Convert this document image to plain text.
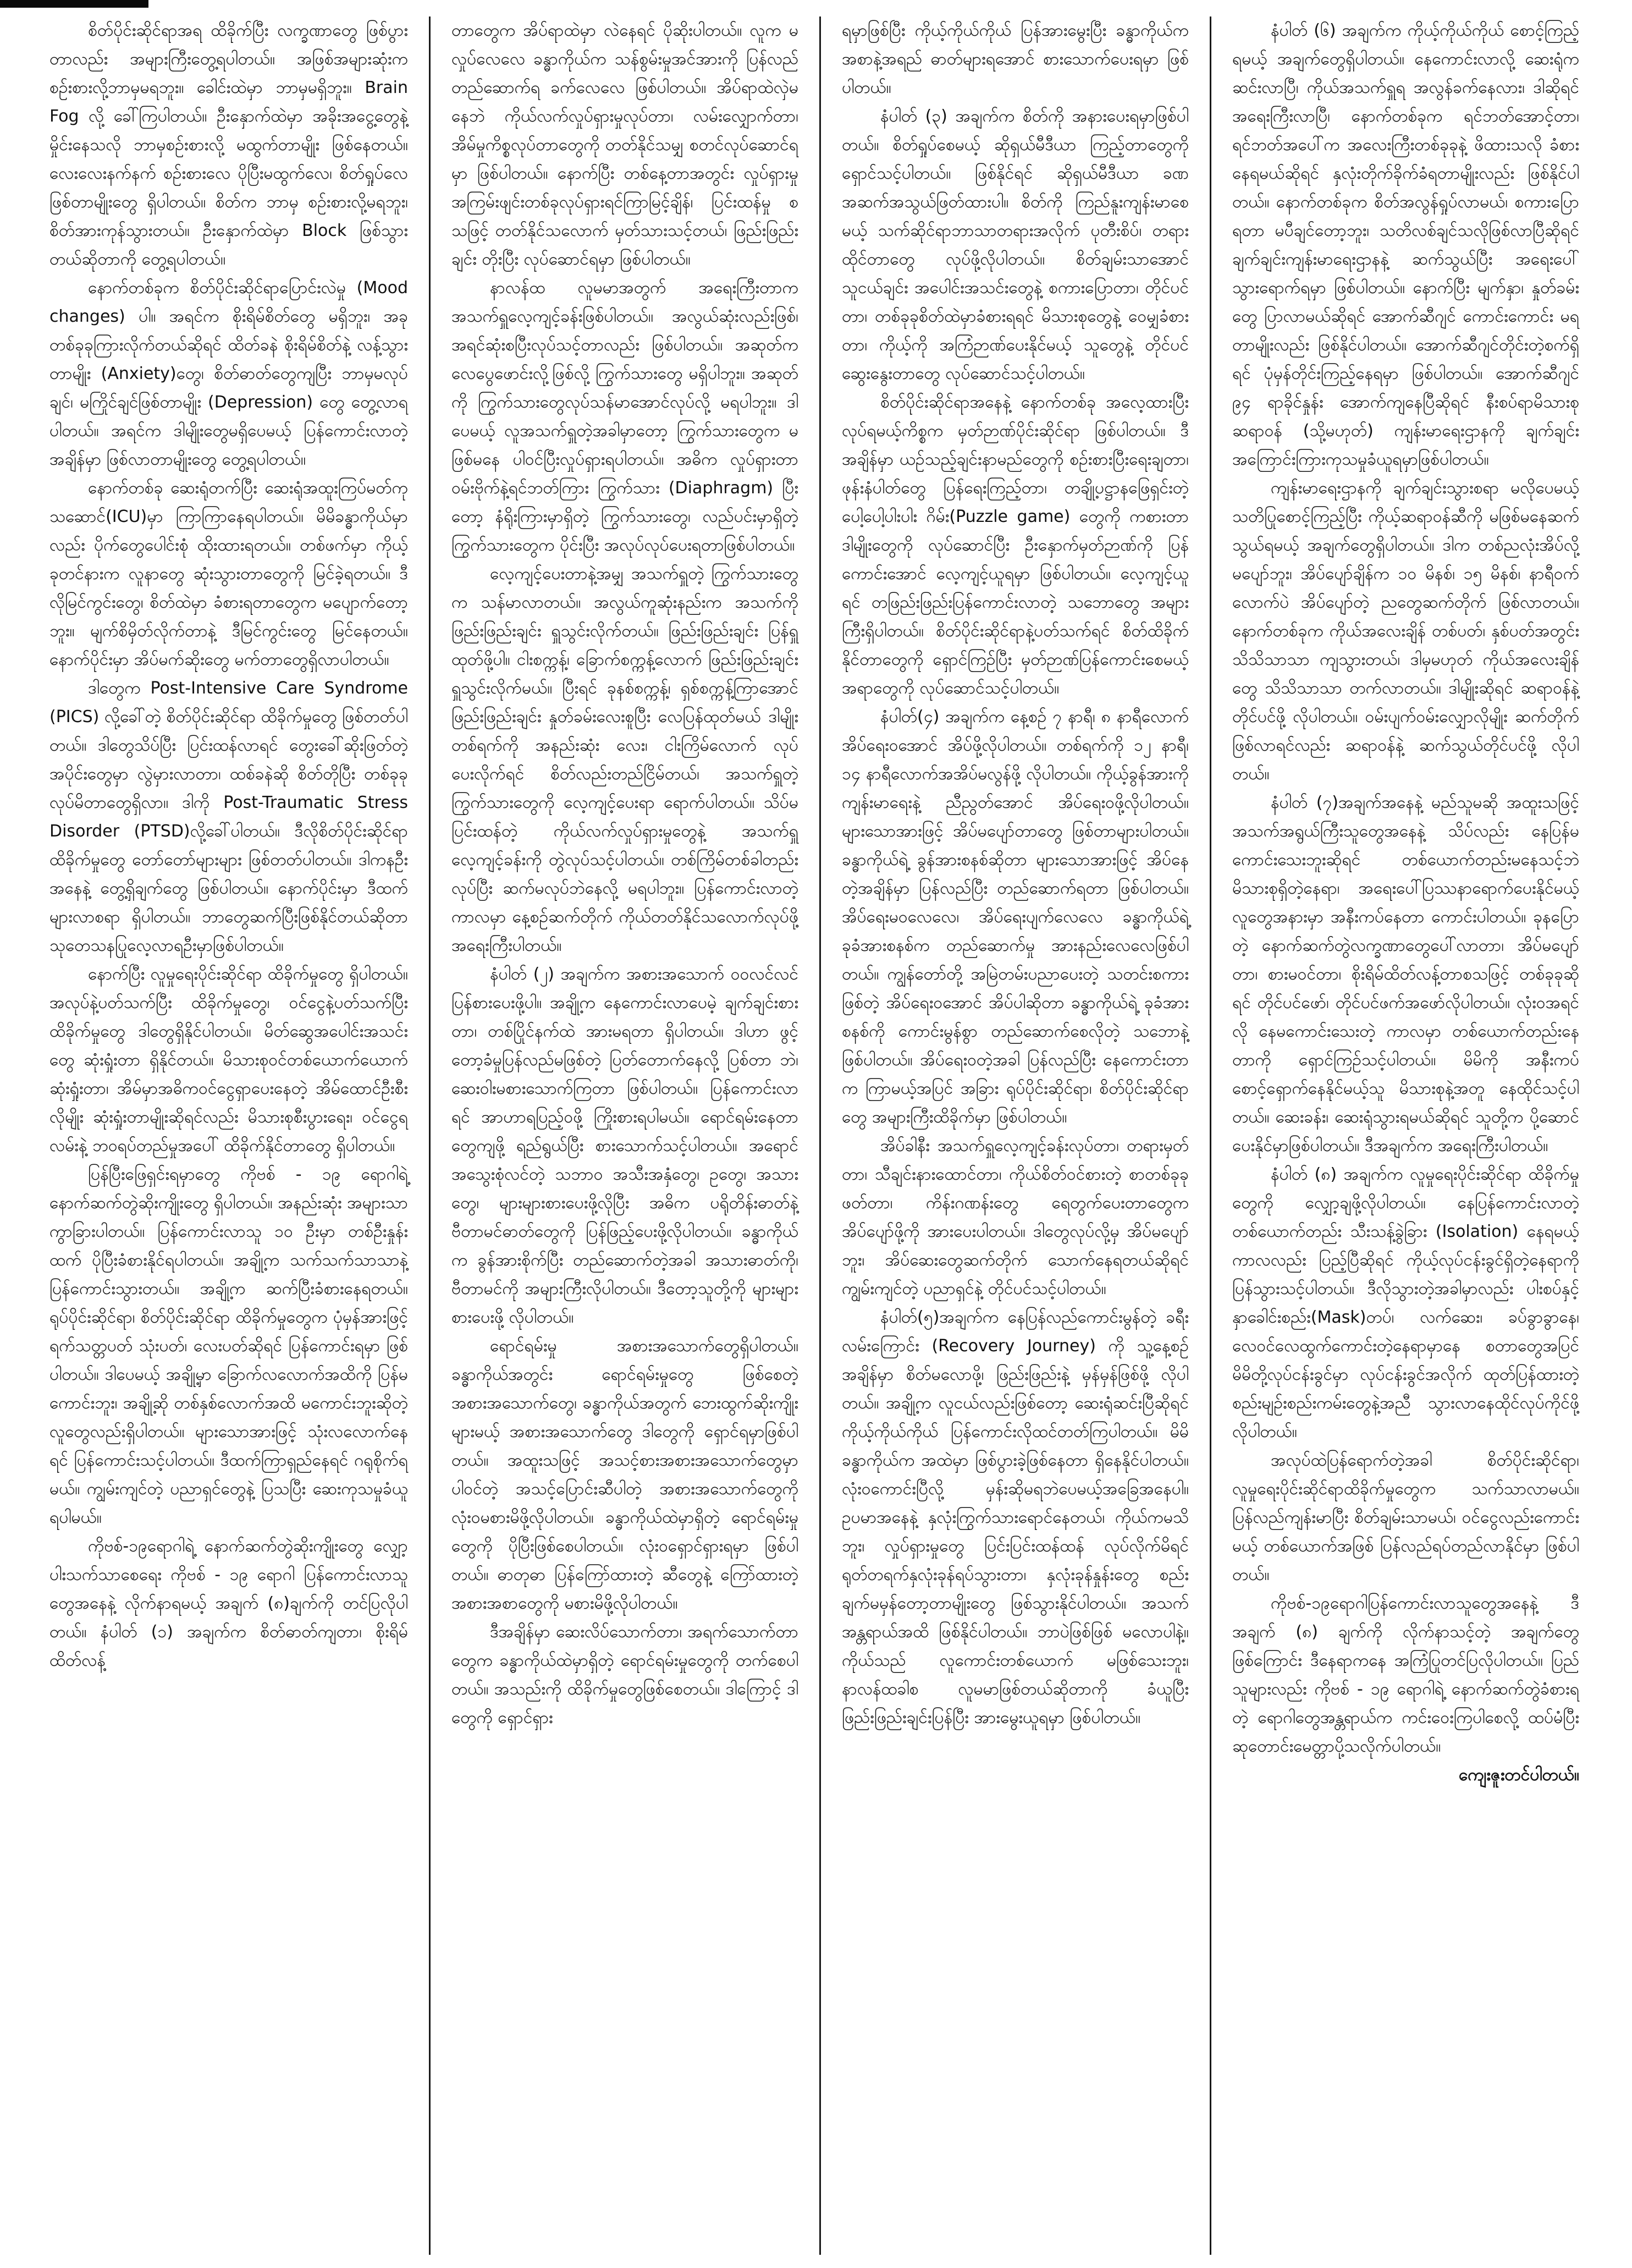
စိတ်ပိုင်းဆိုင်ရာအရ ထိခိုက်ပြီး လက္ခဏာတွေ ဖြစ်ပွားတာလည်း အများကြီးတွေ့ရပါတယ်။ အဖြစ်အများဆုံးက စဉ်းစားလို့ဘာမှမရဘူး။ ခေါင်းထဲမှာ ဘာမှမရှိဘူး။ Brain Fog လို့ ခေါ်ကြပါတယ်။ ဦးနှောက်ထဲမှာ အခိုးအငွေ့တွေနဲ့ မှိုင်းနေသလို ဘာမှစဉ်းစားလို့ မထွက်တာမျိုး ဖြစ်နေတယ်။ လေးလေးနက်နက် စဉ်းစားလေ ပိုပြီးမထွက်လေ၊ စိတ်ရှုပ်လေဖြစ်တာမျိုးတွေ ရှိပါတယ်။ စိတ်က ဘာမှ စဉ်းစားလို့မရဘူး၊ စိတ်အားကုန်သွားတယ်။ ဦးနှောက်ထဲမှာ Block ဖြစ်သွားတယ်ဆိုတာကို တွေ့ရပါတယ်။

နောက်တစ်ခုက စိတ်ပိုင်းဆိုင်ရာပြောင်းလဲမှု (Mood changes) ပါ။ အရင်က စိုးရိမ်စိတ်တွေ မရှိဘူး၊ အခု တစ်ခုခုကြားလိုက်တယ်ဆိုရင် ထိတ်ခနဲ စိုးရိမ်စိတ်နဲ့ လန့်သွားတာမျိုး (Anxiety)တွေ၊ စိတ်ဓာတ်တွေကျပြီး ဘာမှမလုပ်ချင်၊ မကြိုင်ချင်ဖြစ်တာမျိုး (Depression) တွေ တွေ့လာရပါတယ်။ အရင်က ဒါမျိုးတွေမရှိပေမယ့် ပြန်ကောင်းလာတဲ့ အချိန်မှာ ဖြစ်လာတာမျိုးတွေ တွေ့ရပါတယ်။

နောက်တစ်ခု ဆေးရုံတက်ပြီး ဆေးရုံအထူးကြပ်မတ်ကုသဆောင်(ICU)မှာ ကြာကြာနေရပါတယ်။ မိမိခန္ဓာကိုယ်မှာလည်း ပိုက်တွေပေါင်းစုံ ထိုးထားရတယ်။ တစ်ဖက်မှာ ကိုယ့်ခုတင်နားက လူနာတွေ ဆုံးသွားတာတွေကို မြင်ခဲ့ရတယ်။ ဒီလိုမြင်ကွင်းတွေ၊ စိတ်ထဲမှာ ခံစားရတာတွေက မပျောက်တော့ဘူး။ မျက်စိမှိတ်လိုက်တာနဲ့ ဒီမြင်ကွင်းတွေ မြင်နေတယ်။ နောက်ပိုင်းမှာ အိပ်မက်ဆိုးတွေ မက်တာတွေရှိလာပါတယ်။

ဒါတွေက Post-Intensive Care Syndrome (PICS) လို့ခေါ်တဲ့ စိတ်ပိုင်းဆိုင်ရာ ထိခိုက်မှုတွေ ဖြစ်တတ်ပါတယ်။ ဒါတွေသိပ်ပြီး ပြင်းထန်လာရင် တွေးခေါ်ဆိုးဖြတ်တဲ့အပိုင်းတွေမှာ လွဲမှားလာတာ၊ ထစ်ခနဲဆို စိတ်တိုပြီး တစ်ခုခုလုပ်မိတာတွေရှိလာ။ ဒါကို Post-Traumatic Stress Disorder (PTSD)လို့ခေါ်ပါတယ်။ ဒီလိုစိတ်ပိုင်းဆိုင်ရာထိခိုက်မှုတွေ တော်တော်များများ ဖြစ်တတ်ပါတယ်။ ဒါကနဦးအနေနဲ့ တွေ့ရှိချက်တွေ ဖြစ်ပါတယ်။ နောက်ပိုင်းမှာ ဒီထက်များလာစရာ ရှိပါတယ်။ ဘာတွေဆက်ပြီးဖြစ်နိုင်တယ်ဆိုတာ သုတေသနပြုလေ့လာရဦးမှာဖြစ်ပါတယ်။

နောက်ပြီး လူမှုရေးပိုင်းဆိုင်ရာ ထိခိုက်မှုတွေ ရှိပါတယ်။ အလုပ်နဲ့ပတ်သက်ပြီး ထိခိုက်မှုတွေ၊ ဝင်ငွေနဲ့ပတ်သက်ပြီး ထိခိုက်မှုတွေ ဒါတွေရှိနိုင်ပါတယ်။ မိတ်ဆွေအပေါင်းအသင်းတွေ ဆုံးရှုံးတာ ရှိနိုင်တယ်။ မိသားစုဝင်တစ်ယောက်ယောက် ဆုံးရှုံးတာ၊ အိမ်မှာအဓိကဝင်ငွေရှာပေးနေတဲ့ အိမ်ထောင်ဦးစီးလိုမျိုး ဆုံးရှုံးတာမျိုးဆိုရင်လည်း မိသားစုစီးပွားရေး၊ ဝင်ငွေရလမ်းနဲ့ ဘဝရပ်တည်မှုအပေါ် ထိခိုက်နိုင်တာတွေ ရှိပါတယ်။

ပြန်ပြီးဖြေရှင်းရမှာတွေ ကိုဗစ် - ၁၉ ရောဂါရဲ့ နောက်ဆက်တွဲဆိုးကျိုးတွေ ရှိပါတယ်။ အနည်းဆုံး အများသာ ကွာခြားပါတယ်။ ပြန်ကောင်းလာသူ ၁၀ ဦးမှာ တစ်ဦးနှုန်းထက် ပိုပြီးခံစားနိုင်ရပါတယ်။ အချို့က သက်သက်သာသာနဲ့ ပြန်ကောင်းသွားတယ်။ အချို့က ဆက်ပြီးခံစားနေရတယ်။ ရုပ်ပိုင်းဆိုင်ရာ၊ စိတ်ပိုင်းဆိုင်ရာ ထိခိုက်မှုတွေက ပုံမှန်အားဖြင့် ရက်သတ္တပတ် သုံးပတ်၊ လေးပတ်ဆိုရင် ပြန်ကောင်းရမှာ ဖြစ်ပါတယ်။ ဒါပေမယ့် အချို့မှာ ခြောက်လလောက်အထိကို ပြန်မကောင်းဘူး၊ အချို့ဆို တစ်နှစ်လောက်အထိ မကောင်းဘူးဆိုတဲ့ လူတွေလည်းရှိပါတယ်။ များသောအားဖြင့် သုံးလလောက်နေရင် ပြန်ကောင်းသင့်ပါတယ်။ ဒီထက်ကြာရှည်နေရင် ဂရုစိုက်ရမယ်။ ကျွမ်းကျင်တဲ့ ပညာရှင်တွေနဲ့ ပြသပြီး ဆေးကုသမှုခံယူရပါမယ်။

ကိုဗစ်-၁၉ရောဂါရဲ့ နောက်ဆက်တွဲဆိုးကျိုးတွေ လျှော့ပါးသက်သာစေရေး ကိုဗစ် - ၁၉ ရောဂါ ပြန်ကောင်းလာသူတွေအနေနဲ့ လိုက်နာရမယ့် အချက် (၈)ချက်ကို တင်ပြလိုပါတယ်။ နံပါတ် (၁) အချက်က စိတ်ဓာတ်ကျတာ၊ စိုးရိမ်ထိတ်လန့်

တာတွေက အိပ်ရာထဲမှာ လဲနေရင် ပိုဆိုးပါတယ်။ လူက မလှုပ်လေလေ ခန္ဓာကိုယ်က သန်စွမ်းမှုအင်အားကို ပြန်လည်တည်ဆောက်ရ ခက်လေလေ ဖြစ်ပါတယ်။ အိပ်ရာထဲလှဲမနေဘဲ ကိုယ်လက်လှုပ်ရှားမှုလုပ်တာ၊ လမ်းလျှောက်တာ၊ အိမ်မှုကိစ္စလုပ်တာတွေကို တတ်နိုင်သမျှ စတင်လုပ်ဆောင်ရမှာ ဖြစ်ပါတယ်။ နောက်ပြီး တစ်နေ့တာအတွင်း လှုပ်ရှားမှုအကြမ်းဖျင်းတစ်ခုလုပ်ရှားရင်ကြာမြင့်ချိန်၊ ပြင်းထန်မှု စသဖြင့် တတ်နိုင်သလောက် မှတ်သားသင့်တယ်၊ ဖြည်းဖြည်းချင်း တိုးပြီး လုပ်ဆောင်ရမှာ ဖြစ်ပါတယ်။

နာလန်ထ လူမမာအတွက် အရေးကြီးတာက အသက်ရှူလေ့ကျင့်ခန်းဖြစ်ပါတယ်။ အလွယ်ဆုံးလည်းဖြစ်၊ အရင်ဆုံးစပြီးလုပ်သင့်တာလည်း ဖြစ်ပါတယ်။ အဆုတ်က လေပွေဖောင်းလို့ဖြစ်လို့ ကြွက်သားတွေ မရှိပါဘူး။ အဆုတ်ကို ကြွက်သားတွေလုပ်သန်မာအောင်လုပ်လို့ မရပါဘူး။ ဒါပေမယ့် လူအသက်ရှူတဲ့အခါမှာတော့ ကြွက်သားတွေက မဖြစ်မနေ ပါဝင်ပြီးလှုပ်ရှားရပါတယ်။ အဓိက လှုပ်ရှားတာ ဝမ်းဗိုက်နဲ့ရင်ဘတ်ကြား ကြွက်သား (Diaphragm) ပြီးတော့ နံရိုးကြားမှာရှိတဲ့ ကြွက်သားတွေ၊ လည်ပင်းမှာရှိတဲ့ ကြွက်သားတွေက ပိုင်းပြီး အလုပ်လုပ်ပေးရတာဖြစ်ပါတယ်။

လေ့ကျင့်ပေးတာနဲ့အမျှ အသက်ရှူတဲ့ ကြွက်သားတွေက သန်မာလာတယ်။ အလွယ်ကူဆုံးနည်းက အသက်ကို ဖြည်းဖြည်းချင်း ရှူသွင်းလိုက်တယ်။ ဖြည်းဖြည်းချင်း ပြန်ရှူထုတ်ဖို့ပါ။ ငါးစက္ကန့်၊ ခြောက်စက္ကန့်လောက် ဖြည်းဖြည်းချင်း ရှူသွင်းလိုက်မယ်။ ပြီးရင် ခုနစ်စက္ကန့်၊ ရှစ်စက္ကန့်ကြာအောင် ဖြည်းဖြည်းချင်း နှုတ်ခမ်းလေးစူပြီး လေပြန်ထုတ်မယ် ဒါမျိုးတစ်ရက်ကို အနည်းဆုံး လေး၊ ငါးကြိမ်လောက် လုပ်ပေးလိုက်ရင် စိတ်လည်းတည်ငြိမ်တယ်၊ အသက်ရှူတဲ့ ကြွက်သားတွေကို လေ့ကျင့်ပေးရာ ရောက်ပါတယ်။ သိပ်မပြင်းထန်တဲ့ ကိုယ်လက်လှုပ်ရှားမှုတွေနဲ့ အသက်ရှူလေ့ကျင့်ခန်းကို တွဲလုပ်သင့်ပါတယ်။ တစ်ကြိမ်တစ်ခါတည်းလုပ်ပြီး ဆက်မလုပ်ဘဲနေလို့ မရပါဘူး။ ပြန်ကောင်းလာတဲ့ကာလမှာ နေ့စဉ်ဆက်တိုက် ကိုယ်တတ်နိုင်သလောက်လုပ်ဖို့ အရေးကြီးပါတယ်။

နံပါတ် (၂) အချက်က အစားအသောက် ဝဝလင်လင် ပြန်စားပေးဖို့ပါ။ အချို့က နေကောင်းလာပေမဲ့ ချက်ချင်းစားတာ၊ တစ်ပြိုင်နက်ထဲ အားမရတာ ရှိပါတယ်။ ဒါဟာ ဖွင့်တော့ခံမှုပြန်လည်မဖြစ်တဲ့ ပြတ်တောက်နေလို့ ပြစ်တာ ဘဲ၊ ဆေးဝါးမစားသောက်ကြတာ ဖြစ်ပါတယ်။ ပြန်ကောင်းလာရင် အာဟာရပြည့်ဝဖို့ ကြိုးစားရပါမယ်။ ရောင်ရမ်းနေတာတွေကျဖို့ ရည်ရွယ်ပြီး စားသောက်သင့်ပါတယ်။ အရောင်အသွေးစုံလင်တဲ့ သဘာဝ အသီးအနှံတွေ၊ ဥတွေ၊ အသားတွေ၊ များများစားပေးဖို့လိုပြီး အဓိက ပရိုတိန်းဓာတ်နဲ့ ဗီတာမင်ဓာတ်တွေကို ပြန်ဖြည့်ပေးဖို့လိုပါတယ်။ ခန္ဓာကိုယ်က ခွန်အားစိုက်ပြီး တည်ဆောက်တဲ့အခါ အသားဓာတ်ကို၊ ဗီတာမင်ကို အများကြီးလိုပါတယ်။ ဒီတော့သူတို့ကို များများစားပေးဖို့ လိုပါတယ်။

ရောင်ရမ်းမှု အစားအသောက်တွေရှိပါတယ်။ ခန္ဓာကိုယ်အတွင်း ရောင်ရမ်းမှုတွေ ဖြစ်စေတဲ့ အစားအသောက်တွေ၊ ခန္ဓာကိုယ်အတွက် ဘေးထွက်ဆိုးကျိုးများမယ့် အစားအသောက်တွေ ဒါတွေကို ရှောင်ရမှာဖြစ်ပါတယ်။ အထူးသဖြင့် အသင့်စားအစားအသောက်တွေမှာ ပါဝင်တဲ့ အသင့်ပြောင်းဆီပါတဲ့ အစားအသောက်တွေကို လုံးဝမစားမိဖို့လိုပါတယ်။ ခန္ဓာကိုယ်ထဲမှာရှိတဲ့ ရောင်ရမ်းမှုတွေကို ပိုပြီးဖြစ်စေပါတယ်။ လုံးဝရှောင်ရှားရမှာ ဖြစ်ပါ တယ်။ ဓာတုဓာ ပြန်ကြော်ထားတဲ့ ဆီတွေနဲ့ ကြော်ထားတဲ့ အစားအစာတွေကို မစားမိဖို့လိုပါတယ်။

ဒီအချိန်မှာ ဆေးလိပ်သောက်တာ၊ အရက်သောက်တာတွေက ခန္ဓာကိုယ်ထဲမှာရှိတဲ့ ရောင်ရမ်းမှုတွေကို တက်စေပါတယ်။ အသည်းကို ထိခိုက်မှုတွေဖြစ်စေတယ်။ ဒါကြောင့် ဒါတွေကို ရှောင်ရှား

ရမှာဖြစ်ပြီး ကိုယ့်ကိုယ်ကိုယ် ပြန်အားမွေးပြီး ခန္ဓာကိုယ်က အစာနဲ့အရည် ဓာတ်များရအောင် စားသောက်ပေးရမှာ ဖြစ်ပါတယ်။

နံပါတ် (၃) အချက်က စိတ်ကို အနားပေးရမှာဖြစ်ပါတယ်။ စိတ်ရှုပ်စေမယ့် ဆိုရှယ်မီဒီယာ ကြည့်တာတွေကို ရှောင်သင့်ပါတယ်။ ဖြစ်နိုင်ရင် ဆိုရှယ်မီဒီယာ ခဏအဆက်အသွယ်ဖြတ်ထားပါ။ စိတ်ကို ကြည်နူးကျန်းမာစေမယ့် သက်ဆိုင်ရာဘာသာတရားအလိုက် ပုတီးစိပ်၊ တရားထိုင်တာတွေ လုပ်ဖို့လိုပါတယ်။ စိတ်ချမ်းသာအောင် သူငယ်ချင်း အပေါင်းအသင်းတွေနဲ့ စကားပြောတာ၊ တိုင်ပင်တာ၊ တစ်ခုခုစိတ်ထဲမှာခံစားရရင် မိသားစုတွေနဲ့ ဝေမျှခံစားတာ၊ ကိုယ့်ကို အကြံဉာဏ်ပေးနိုင်မယ့် သူတွေနဲ့ တိုင်ပင်ဆွေးနွေးတာတွေ လုပ်ဆောင်သင့်ပါတယ်။

စိတ်ပိုင်းဆိုင်ရာအနေနဲ့ နောက်တစ်ခု အလေ့ထားပြီး လုပ်ရမယ့်ကိစ္စက မှတ်ဉာဏ်ပိုင်းဆိုင်ရာ ဖြစ်ပါတယ်။ ဒီအချိန်မှာ ယဉ်သည့်ချင်းနာမည်တွေကို စဉ်းစားပြီးရေးချတာ၊ ဖုန်းနံပါတ်တွေ ပြန်ရေးကြည့်တာ၊ တချို့ပဋ္ဌာနဖြေရှင်းတဲ့ ပေါ့ပေါ့ပါးပါး ဂိမ်း(Puzzle game) တွေကို ကစားတာ ဒါမျိုးတွေကို လုပ်ဆောင်ပြီး ဦးနှောက်မှတ်ဉာဏ်ကို ပြန်ကောင်းအောင် လေ့ကျင့်ယူရမှာ ဖြစ်ပါတယ်။ လေ့ကျင့်ယူရင် တဖြည်းဖြည်းပြန်ကောင်းလာတဲ့ သဘောတွေ အများကြီးရှိပါတယ်။ စိတ်ပိုင်းဆိုင်ရာနဲ့ပတ်သက်ရင် စိတ်ထိခိုက်နိုင်တာတွေကို ရှောင်ကြဉ်ပြီး မှတ်ဉာဏ်ပြန်ကောင်းစေမယ့် အရာတွေကို လုပ်ဆောင်သင့်ပါတယ်။

နံပါတ်(၄) အချက်က နေ့စဉ် ၇ နာရီ၊ ၈ နာရီလောက် အိပ်ရေးဝအောင် အိပ်ဖို့လိုပါတယ်။ တစ်ရက်ကို ၁၂ နာရီ၊ ၁၄ နာရီလောက်အအိပ်မလွန်ဖို့ လိုပါတယ်။ ကိုယ့်ခွန်အားကို ကျန်းမာရေးနဲ့ ညီညွတ်အောင် အိပ်ရေးဝဖို့လိုပါတယ်။ များသောအားဖြင့် အိပ်မပျော်တာတွေ ဖြစ်တာများပါတယ်။ ခန္ဓာကိုယ်ရဲ့ ခွန်အားစနစ်ဆိုတာ များသောအားဖြင့် အိပ်နေတဲ့အချိန်မှာ ပြန်လည်ပြီး တည်ဆောက်ရတာ ဖြစ်ပါတယ်။ အိပ်ရေးမဝလေလေ၊ အိပ်ရေးပျက်လေလေ ခန္ဓာကိုယ်ရဲ့ ခုခံအားစနစ်က တည်ဆောက်မှု အားနည်းလေလေဖြစ်ပါတယ်။ ကျွန်တော်တို့ အမြဲတမ်းပညာပေးတဲ့ သတင်းစကား ဖြစ်တဲ့ အိပ်ရေးဝအောင် အိပ်ပါဆိုတာ ခန္ဓာကိုယ်ရဲ့ ခုခံအားစနစ်ကို ကောင်းမွန်စွာ တည်ဆောက်စေလိုတဲ့ သဘောနဲ့ ဖြစ်ပါတယ်။ အိပ်ရေးဝတဲ့အခါ ပြန်လည်ပြီး နေကောင်းတာက ကြာမယ့်အပြင် အခြား ရုပ်ပိုင်းဆိုင်ရာ၊ စိတ်ပိုင်းဆိုင်ရာတွေ အများကြီးထိခိုက်မှာ ဖြစ်ပါတယ်။

အိပ်ခါနီး အသက်ရှူလေ့ကျင့်ခန်းလုပ်တာ၊ တရားမှတ်တာ၊ သီချင်းနားထောင်တာ၊ ကိုယ်စိတ်ဝင်စားတဲ့ စာတစ်ခုခု ဖတ်တာ၊ ကိန်းဂဏန်းတွေ ရေတွက်ပေးတာတွေက အိပ်ပျော်ဖို့ကို အားပေးပါတယ်။ ဒါတွေလုပ်လို့မှ အိပ်မပျော်ဘူး၊ အိပ်ဆေးတွေဆက်တိုက် သောက်နေရတယ်ဆိုရင် ကျွမ်းကျင်တဲ့ ပညာရှင်နဲ့ တိုင်ပင်သင့်ပါတယ်။

နံပါတ်(၅)အချက်က နေပြန်လည်ကောင်းမွန်တဲ့ ခရီးလမ်းကြောင်း (Recovery Journey) ကို သူ့နေ့စဉ်အချိန်မှာ စိတ်မလောဖို့၊ ဖြည်းဖြည်းနဲ့ မှန်မှန်ဖြစ်ဖို့ လိုပါတယ်။ အချို့က လူငယ်လည်းဖြစ်တော့ ဆေးရုံဆင်းပြီဆိုရင် ကိုယ့်ကိုယ်ကိုယ် ပြန်ကောင်းလိုထင်တတ်ကြပါတယ်။ မိမိခန္ဓာကိုယ်က အထဲမှာ ဖြစ်ပွားခဲ့ဖြစ်နေတာ ရှိနေနိုင်ပါတယ်။ လုံးဝကောင်းပြီလို့ မှန်းဆိုမရဘဲပေမယ့်အခြေအနေပါ။ ဥပမာအနေနဲ့ နှလုံးကြွက်သားရောင်နေတယ်၊ ကိုယ်ကမသိဘူး၊ လှုပ်ရှားမှုတွေ ပြင်းပြင်းထန်ထန် လုပ်လိုက်မိရင် ရုတ်တရက်နှလုံးခုန်ရပ်သွားတာ၊ နှလုံးခုန်နှုန်းတွေ စည်းချက်မမှန်တော့တာမျိုးတွေ ဖြစ်သွားနိုင်ပါတယ်။ အသက်အန္တရာယ်အထိ ဖြစ်နိုင်ပါတယ်။ ဘာပဲဖြစ်ဖြစ် မလောပါနဲ့။ ကိုယ်သည် လူကောင်းတစ်ယောက် မဖြစ်သေးဘူး၊ နာလန်ထခါစ လူမမာဖြစ်တယ်ဆိုတာကို ခံယူပြီး ဖြည်းဖြည်းချင်းပြန်ပြီး အားမွေးယူရမှာ ဖြစ်ပါတယ်။

နံပါတ် (၆) အချက်က ကိုယ့်ကိုယ်ကိုယ် စောင့်ကြည့်ရမယ့် အချက်တွေရှိပါတယ်။ နေကောင်းလာလို့ ဆေးရုံကဆင်းလာပြီ၊ ကိုယ်အသက်ရှူရ အလွန်ခက်နေလား၊ ဒါဆိုရင် အရေးကြီးလာပြီ၊ နောက်တစ်ခုက ရင်ဘတ်အောင့်တာ၊ ရင်ဘတ်အပေါ်က အလေးကြီးတစ်ခုခုနဲ့ ဖိထားသလို ခံစားနေရမယ်ဆိုရင် နှလုံးတိုက်ခိုက်ခံရတာမျိုးလည်း ဖြစ်နိုင်ပါတယ်။ နောက်တစ်ခုက စိတ်အလွန်ရှုပ်လာမယ်၊ စကားပြောရတာ မပီချင်တော့ဘူး၊ သတိလစ်ချင်သလိုဖြစ်လာပြီဆိုရင် ချက်ချင်းကျန်းမာရေးဌာနနဲ့ ဆက်သွယ်ပြီး အရေးပေါ်သွားရောက်ရမှာ ဖြစ်ပါတယ်။ နောက်ပြီး မျက်နှာ၊ နှုတ်ခမ်းတွေ ပြာလာမယ်ဆိုရင် အောက်ဆီဂျင် ကောင်းကောင်း မရတာမျိုးလည်း ဖြစ်နိုင်ပါတယ်။ အောက်ဆီဂျင်တိုင်းတဲ့စက်ရှိရင် ပုံမှန်တိုင်းကြည့်နေရမှာ ဖြစ်ပါတယ်။ အောက်ဆီဂျင် ၉၄ ရာခိုင်နှုန်း အောက်ကျနေပြီဆိုရင် နီးစပ်ရာမိသားစုဆရာဝန် (သို့မဟုတ်) ကျန်းမာရေးဌာနကို ချက်ချင်းအကြောင်းကြားကုသမှုခံယူရမှာဖြစ်ပါတယ်။

ကျန်းမာရေးဌာနကို ချက်ချင်းသွားစရာ မလိုပေမယ့် သတိပြုစောင့်ကြည့်ပြီး ကိုယ့်ဆရာဝန်ဆီကို မဖြစ်မနေဆက်သွယ်ရမယ့် အချက်တွေရှိပါတယ်။ ဒါက တစ်ညလုံးအိပ်လို့ မပျော်ဘူး၊ အိပ်ပျော်ချိန်က ၁၀ မိနစ်၊ ၁၅ မိနစ်၊ နာရီဝက်လောက်ပဲ အိပ်ပျော်တဲ့ ညတွေဆက်တိုက် ဖြစ်လာတယ်။ နောက်တစ်ခုက ကိုယ်အလေးချိန် တစ်ပတ်၊ နှစ်ပတ်အတွင်း သိသိသာသာ ကျသွားတယ်၊ ဒါမှမဟုတ် ကိုယ်အလေးချိန်တွေ သိသိသာသာ တက်လာတယ်။ ဒါမျိုးဆိုရင် ဆရာဝန်နဲ့ တိုင်ပင်ဖို့ လိုပါတယ်။ ဝမ်းပျက်ဝမ်းလျှောလိုမျိုး ဆက်တိုက်ဖြစ်လာရင်လည်း ဆရာဝန်နဲ့ ဆက်သွယ်တိုင်ပင်ဖို့ လိုပါတယ်။

နံပါတ် (၇)အချက်အနေနဲ့ မည်သူမဆို အထူးသဖြင့် အသက်အရွယ်ကြီးသူတွေအနေနဲ့ သိပ်လည်း နေပြန်မကောင်းသေးဘူးဆိုရင် တစ်ယောက်တည်းမနေသင့်ဘဲ မိသားစုရှိတဲ့နေရာ၊ အရေးပေါ်ပြဿနာရောက်ပေးနိုင်မယ့်လူတွေအနားမှာ အနီးကပ်နေတာ ကောင်းပါတယ်။ ခုနပြောတဲ့ နောက်ဆက်တွဲလက္ခဏာတွေပေါ်လာတာ၊ အိပ်မပျော်တာ၊ စားမဝင်တာ၊ စိုးရိမ်ထိတ်လန့်တာစသဖြင့် တစ်ခုခုဆိုရင် တိုင်ပင်ဖော်၊ တိုင်ပင်ဖက်အဖော်လိုပါတယ်။ လုံးဝအရင်လို နေမကောင်းသေးတဲ့ ကာလမှာ တစ်ယောက်တည်းနေတာကို ရှောင်ကြဉ်သင့်ပါတယ်။ မိမိကို အနီးကပ်စောင့်ရှောက်နေနိုင်မယ့်သူ မိသားစုနဲ့အတူ နေထိုင်သင့်ပါတယ်။ ဆေးခန်း၊ ဆေးရုံသွားရမယ်ဆိုရင် သူတို့က ပို့ဆောင်ပေးနိုင်မှာဖြစ်ပါတယ်။ ဒီအချက်က အရေးကြီးပါတယ်။

နံပါတ် (၈) အချက်က လူမှုရေးပိုင်းဆိုင်ရာ ထိခိုက်မှုတွေကို လျှော့ချဖို့လိုပါတယ်။ နေပြန်ကောင်းလာတဲ့ တစ်ယောက်တည်း သီးသန့်ခွဲခြား (Isolation) နေရမယ့်ကာလလည်း ပြည့်ပြီဆိုရင် ကိုယ့်လုပ်ငန်းခွင်ရှိတဲ့နေရာကို ပြန်သွားသင့်ပါတယ်။ ဒီလိုသွားတဲ့အခါမှာလည်း ပါးစပ်နှင့်နှာခေါင်းစည်း(Mask)တပ်၊ လက်ဆေး၊ ခပ်ခွာခွာနေ၊ လေဝင်လေထွက်ကောင်းတဲ့နေရာမှာနေ စတာတွေအပြင် မိမိတို့လုပ်ငန်းခွင်မှာ လုပ်ငန်းခွင်အလိုက် ထုတ်ပြန်ထားတဲ့ စည်းမျဉ်းစည်းကမ်းတွေနဲ့အညီ သွားလာနေထိုင်လုပ်ကိုင်ဖို့လိုပါတယ်။

အလုပ်ထဲပြန်ရောက်တဲ့အခါ စိတ်ပိုင်းဆိုင်ရာ၊ လူမှုရေးပိုင်းဆိုင်ရာထိခိုက်မှုတွေက သက်သာလာမယ်။ ပြန်လည်ကျန်းမာပြီး စိတ်ချမ်းသာမယ်၊ ဝင်ငွေလည်းကောင်းမယ့် တစ်ယောက်အဖြစ် ပြန်လည်ရပ်တည်လာနိုင်မှာ ဖြစ်ပါတယ်။

ကိုဗစ်-၁၉ရောဂါပြန်ကောင်းလာသူတွေအနေနဲ့ ဒီအချက် (၈) ချက်ကို လိုက်နာသင့်တဲ့ အချက်တွေ ဖြစ်ကြောင်း ဒီနေရာကနေ အကြံပြုတင်ပြလိုပါတယ်။ ပြည်သူများလည်း ကိုဗစ် - ၁၉ ရောဂါရဲ့ နောက်ဆက်တွဲခံစားရတဲ့ ရောဂါတွေအန္တရာယ်က ကင်းဝေးကြပါစေလို့ ထပ်မံပြီး ဆုတောင်းမေတ္တာပို့သလိုက်ပါတယ်။

ကျေးဇူးတင်ပါတယ်။
